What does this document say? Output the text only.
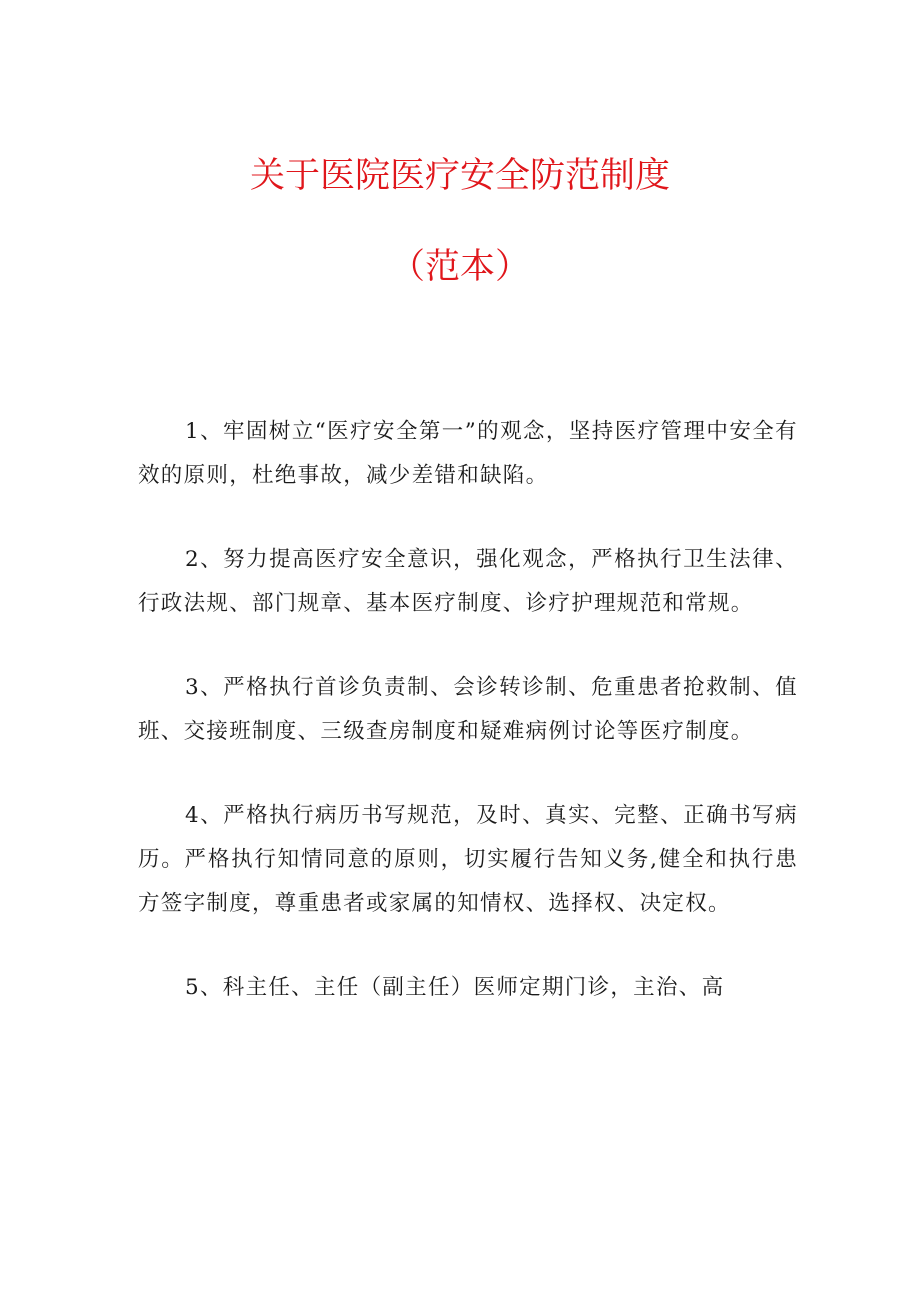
关于医院医疗安全防范制度
（范本）

1、牢固树立“医疗安全第一”的观念，坚持医疗管理中安全有效的原则，杜绝事故，减少差错和缺陷。

2、努力提高医疗安全意识，强化观念，严格执行卫生法律、行政法规、部门规章、基本医疗制度、诊疗护理规范和常规。

3、严格执行首诊负责制、会诊转诊制、危重患者抢救制、值班、交接班制度、三级查房制度和疑难病例讨论等医疗制度。

4、严格执行病历书写规范，及时、真实、完整、正确书写病历。严格执行知情同意的原则，切实履行告知义务,健全和执行患方签字制度，尊重患者或家属的知情权、选择权、决定权。

5、科主任、主任（副主任）医师定期门诊，主治、高
